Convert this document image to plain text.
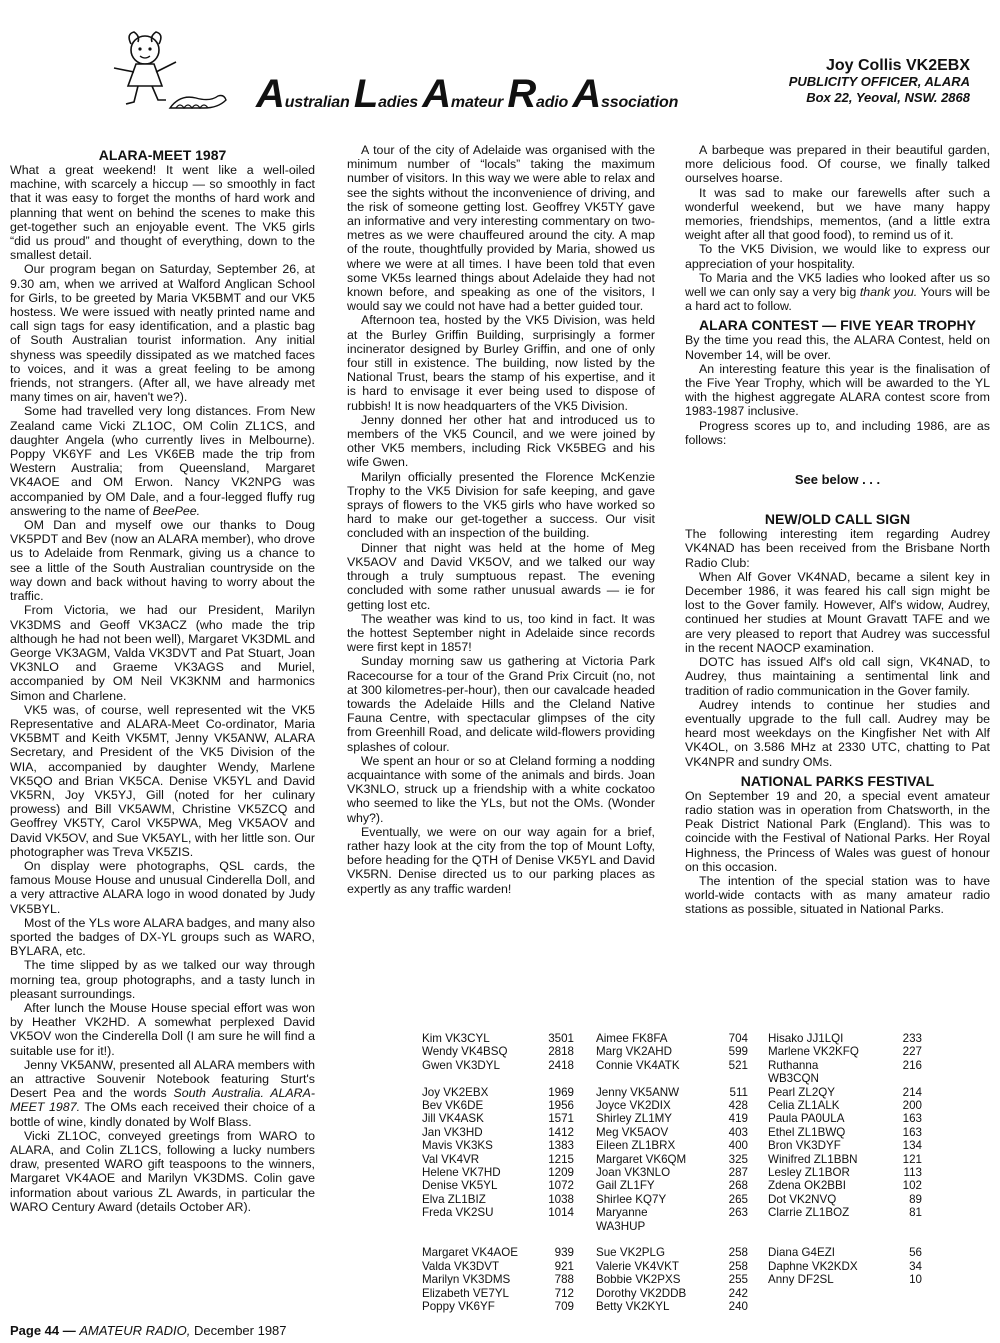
Australian Ladies Amateur Radio Association
Joy Collis VK2EBX
PUBLICITY OFFICER, ALARA
Box 22, Yeoval, NSW. 2868
ALARA-MEET 1987

What a great weekend! It went like a well-oiled machine, with scarcely a hiccup — so smoothly in fact that it was easy to forget the months of hard work and planning that went on behind the scenes to make this get-together such an enjoyable event. The VK5 girls “did us proud” and thought of everything, down to the smallest detail.

Our program began on Saturday, September 26, at 9.30 am, when we arrived at Walford Anglican School for Girls, to be greeted by Maria VK5BMT and our VK5 hostess. We were issued with neatly printed name and call sign tags for easy identification, and a plastic bag of South Australian tourist information. Any initial shyness was speedily dissipated as we matched faces to voices, and it was a great feeling to be among friends, not strangers. (After all, we have already met many times on air, haven't we?).

Some had travelled very long distances. From New Zealand came Vicki ZL1OC, OM Colin ZL1CS, and daughter Angela (who currently lives in Melbourne). Poppy VK6YF and Les VK6EB made the trip from Western Australia; from Queensland, Margaret VK4AOE and OM Erwon. Nancy VK2NPG was accompanied by OM Dale, and a four-legged fluffy rug answering to the name of BeePee.

OM Dan and myself owe our thanks to Doug VK5PDT and Bev (now an ALARA member), who drove us to Adelaide from Renmark, giving us a chance to see a little of the South Australian countryside on the way down and back without having to worry about the traffic.

From Victoria, we had our President, Marilyn VK3DMS and Geoff VK3ACZ (who made the trip although he had not been well), Margaret VK3DML and George VK3AGM, Valda VK3DVT and Pat Stuart, Joan VK3NLO and Graeme VK3AGS and Muriel, accompanied by OM Neil VK3KNM and harmonics Simon and Charlene.

VK5 was, of course, well represented wit the VK5 Representative and ALARA-Meet Co-ordinator, Maria VK5BMT and Keith VK5MT, Jenny VK5ANW, ALARA Secretary, and President of the VK5 Division of the WIA, accompanied by daughter Wendy, Marlene VK5QO and Brian VK5CA. Denise VK5YL and David VK5RN, Joy VK5YJ, Gill (noted for her culinary prowess) and Bill VK5AWM, Christine VK5ZCQ and Geoffrey VK5TY, Carol VK5PWA, Meg VK5AOV and David VK5OV, and Sue VK5AYL, with her little son. Our photographer was Treva VK5ZIS.

On display were photographs, QSL cards, the famous Mouse House and unusual Cinderella Doll, and a very attractive ALARA logo in wood donated by Judy VK5BYL.

Most of the YLs wore ALARA badges, and many also sported the badges of DX-YL groups such as WARO, BYLARA, etc.

The time slipped by as we talked our way through morning tea, group photographs, and a tasty lunch in pleasant surroundings.

After lunch the Mouse House special effort was won by Heather VK2HD. A somewhat perplexed David VK5OV won the Cinderella Doll (I am sure he will find a suitable use for it!).

Jenny VK5ANW, presented all ALARA members with an attractive Souvenir Notebook featuring Sturt's Desert Pea and the words South Australia. ALARA-MEET 1987. The OMs each received their choice of a bottle of wine, kindly donated by Wolf Blass.

Vicki ZL1OC, conveyed greetings from WARO to ALARA, and Colin ZL1CS, following a lucky numbers draw, presented WARO gift teaspoons to the winners, Margaret VK4AOE and Marilyn VK3DMS. Colin gave information about various ZL Awards, in particular the WARO Century Award (details October AR).

A tour of the city of Adelaide was organised with the minimum number of “locals” taking the maximum number of visitors. In this way we were able to relax and see the sights without the inconvenience of driving, and the risk of someone getting lost. Geoffrey VK5TY gave an informative and very interesting commentary on two-metres as we were chauffeured around the city. A map of the route, thoughtfully provided by Maria, showed us where we were at all times. I have been told that even some VK5s learned things about Adelaide they had not known before, and speaking as one of the visitors, I would say we could not have had a better guided tour.

Afternoon tea, hosted by the VK5 Division, was held at the Burley Griffin Building, surprisingly a former incinerator designed by Burley Griffin, and one of only four still in existence. The building, now listed by the National Trust, bears the stamp of his expertise, and it is hard to envisage it ever being used to dispose of rubbish! It is now headquarters of the VK5 Division.

Jenny donned her other hat and introduced us to members of the VK5 Council, and we were joined by other VK5 members, including Rick VK5BEG and his wife Gwen.

Marilyn officially presented the Florence McKenzie Trophy to the VK5 Division for safe keeping, and gave sprays of flowers to the VK5 girls who have worked so hard to make our get-together a success. Our visit concluded with an inspection of the building.

Dinner that night was held at the home of Meg VK5AOV and David VK5OV, and we talked our way through a truly sumptuous repast. The evening concluded with some rather unusual awards — ie for getting lost etc.

The weather was kind to us, too kind in fact. It was the hottest September night in Adelaide since records were first kept in 1857!

Sunday morning saw us gathering at Victoria Park Racecourse for a tour of the Grand Prix Circuit (no, not at 300 kilometres-per-hour), then our cavalcade headed towards the Adelaide Hills and the Cleland Native Fauna Centre, with spectacular glimpses of the city from Greenhill Road, and delicate wild-flowers providing splashes of colour.

We spent an hour or so at Cleland forming a nodding acquaintance with some of the animals and birds. Joan VK3NLO, struck up a friendship with a white cockatoo who seemed to like the YLs, but not the OMs. (Wonder why?).

Eventually, we were on our way again for a brief, rather hazy look at the city from the top of Mount Lofty, before heading for the QTH of Denise VK5YL and David VK5RN. Denise directed us to our parking places as expertly as any traffic warden!

A barbeque was prepared in their beautiful garden, more delicious food. Of course, we finally talked ourselves hoarse.

It was sad to make our farewells after such a wonderful weekend, but we have many happy memories, friendships, mementos, (and a little extra weight after all that good food), to remind us of it.

To the VK5 Division, we would like to express our appreciation of your hospitality.

To Maria and the VK5 ladies who looked after us so well we can only say a very big thank you. Yours will be a hard act to follow.

ALARA CONTEST — FIVE YEAR TROPHY

By the time you read this, the ALARA Contest, held on November 14, will be over.

An interesting feature this year is the finalisation of the Five Year Trophy, which will be awarded to the YL with the highest aggregate ALARA contest score from 1983-1987 inclusive.

Progress scores up to, and including 1986, are as follows:

See below . . .

NEW/OLD CALL SIGN

The following interesting item regarding Audrey VK4NAD has been received from the Brisbane North Radio Club:

When Alf Gover VK4NAD, became a silent key in December 1986, it was feared his call sign might be lost to the Gover family. However, Alf's widow, Audrey, continued her studies at Mount Gravatt TAFE and we are very pleased to report that Audrey was successful in the recent NAOCP examination.

DOTC has issued Alf's old call sign, VK4NAD, to Audrey, thus maintaining a sentimental link and tradition of radio communication in the Gover family.

Audrey intends to continue her studies and eventually upgrade to the full call. Audrey may be heard most weekdays on the Kingfisher Net with Alf VK4OL, on 3.586 MHz at 2330 UTC, chatting to Pat VK4NPR and sundry OMs.

NATIONAL PARKS FESTIVAL

On September 19 and 20, a special event amateur radio station was in operation from Chatsworth, in the Peak District National Park (England). This was to coincide with the Festival of National Parks. Her Royal Highness, the Princess of Wales was guest of honour on this occasion.

The intention of the special station was to have world-wide contacts with as many amateur radio stations as possible, situated in National Parks.

Kim VK3CYL	3501
Wendy VK4BSQ	2818
Gwen VK3DYL	2418
Joy VK2EBX	1969
Bev VK6DE	1956
Jill VK4ASK	1571
Jan VK3HD	1412
Mavis VK3KS	1383
Val VK4VR	1215
Helene VK7HD	1209
Denise VK5YL	1072
Elva ZL1BIZ	1038
Freda VK2SU	1014
Margaret VK4AOE	939
Valda VK3DVT	921
Marilyn VK3DMS	788
Elizabeth VE7YL	712
Poppy VK6YF	709
Aimee FK8FA	704
Marg VK2AHD	599
Connie VK4ATK	521
Jenny VK5ANW	511
Joyce VK2DIX	428
Shirley ZL1MY	419
Meg VK5AOV	403
Eileen ZL1BRX	400
Margaret VK6QM	325
Joan VK3NLO	287
Gail ZL1FY	268
Shirlee KQ7Y	265
Maryanne	263
WA3HUP
Sue VK2PLG	258
Valerie VK4VKT	258
Bobbie VK2PXS	255
Dorothy VK2DDB	242
Betty VK2KYL	240
Hisako JJ1LQI	233
Marlene VK2KFQ	227
Ruthanna	216
WB3CQN
Pearl ZL2QY	214
Celia ZL1ALK	200
Paula PA0ULA	163
Ethel ZL1BWQ	163
Bron VK3DYF	134
Winifred ZL1BBN	121
Lesley ZL1BOR	113
Zdena OK2BBI	102
Dot VK2NVQ	89
Clarrie ZL1BOZ	81
Diana G4EZI	56
Daphne VK2KDX	34
Anny DF2SL	10
Page 44 — AMATEUR RADIO, December 1987
